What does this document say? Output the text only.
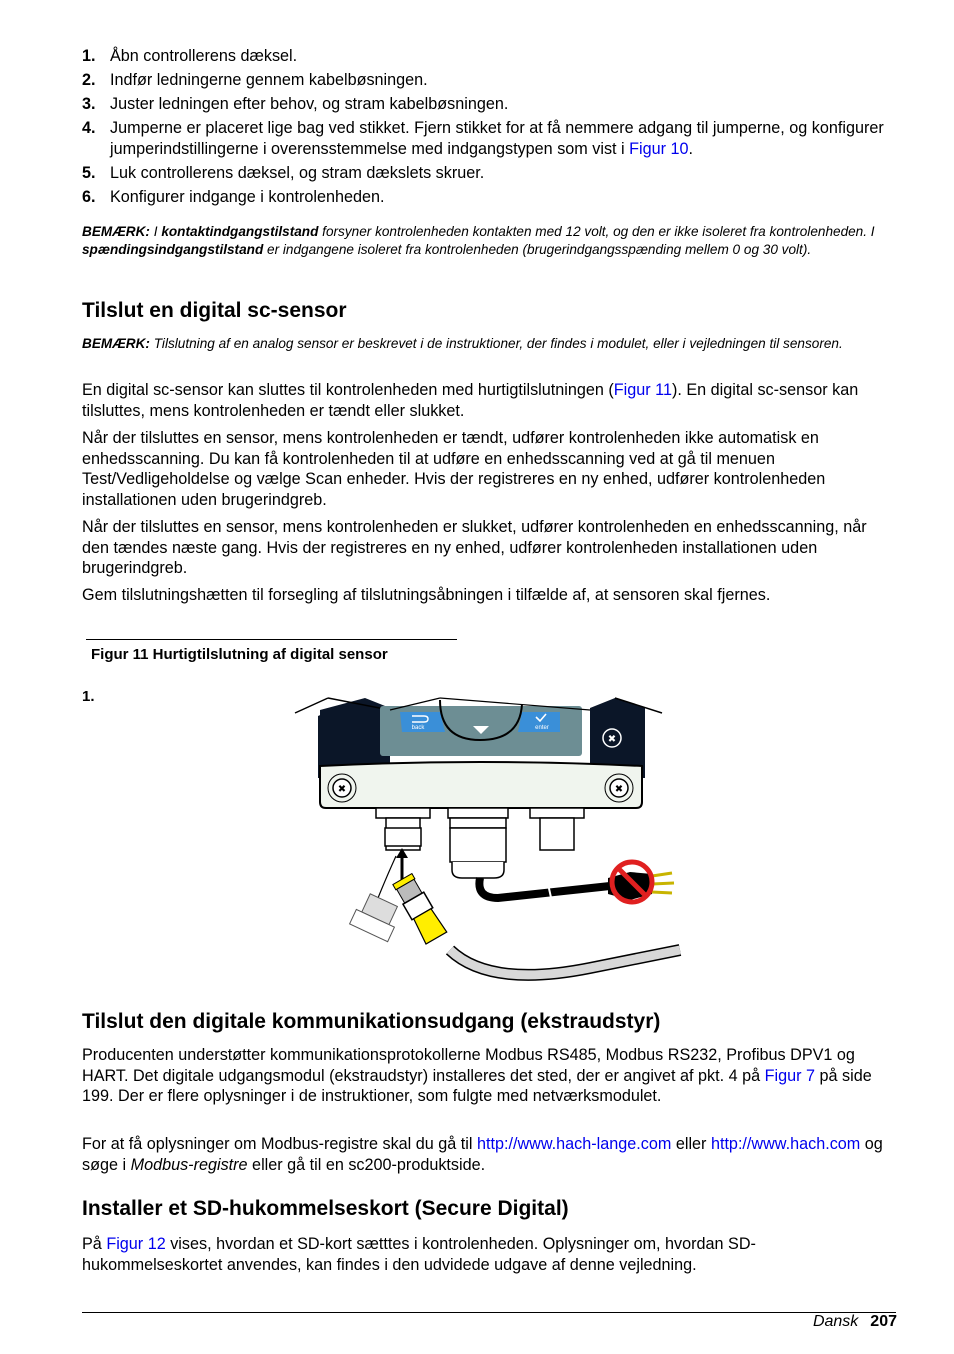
1. Åbn controllerens dæksel.
2. Indfør ledningerne gennem kabelbøsningen.
3. Juster ledningen efter behov, og stram kabelbøsningen.
4. Jumperne er placeret lige bag ved stikket. Fjern stikket for at få nemmere adgang til jumperne, og konfigurer jumperindstillingerne i overensstemmelse med indgangstypen som vist i Figur 10.
5. Luk controllerens dæksel, og stram dækslets skruer.
6. Konfigurer indgange i kontrolenheden.
BEMÆRK: I kontaktindgangstilstand forsyner kontrolenheden kontakten med 12 volt, og den er ikke isoleret fra kontrolenheden. I spændingsindgangstilstand er indgangene isoleret fra kontrolenheden (brugerindgangsspænding mellem 0 og 30 volt).
Tilslut en digital sc-sensor
BEMÆRK: Tilslutning af en analog sensor er beskrevet i de instruktioner, der findes i modulet, eller i vejledningen til sensoren.

En digital sc-sensor kan sluttes til kontrolenheden med hurtigtilslutningen (Figur 11). En digital sc-sensor kan tilsluttes, mens kontrolenheden er tændt eller slukket.

Når der tilsluttes en sensor, mens kontrolenheden er tændt, udfører kontrolenheden ikke automatisk en enhedsscanning. Du kan få kontrolenheden til at udføre en enhedsscanning ved at gå til menuen Test/Vedligeholdelse og vælge Scan enheder. Hvis der registreres en ny enhed, udfører kontrolenheden installationen uden brugerindgreb.

Når der tilsluttes en sensor, mens kontrolenheden er slukket, udfører kontrolenheden en enhedsscanning, når den tændes næste gang. Hvis der registreres en ny enhed, udfører kontrolenheden installationen uden brugerindgreb.

Gem tilslutningshætten til forsegling af tilslutningsåbningen i tilfælde af, at sensoren skal fjernes.

Figur 11 Hurtigtilslutning af digital sensor
1.
back	enter
✖
✖	✖
Tilslut den digitale kommunikationsudgang (ekstraudstyr)

Producenten understøtter kommunikationsprotokollerne Modbus RS485, Modbus RS232, Profibus DPV1 og HART. Det digitale udgangsmodul (ekstraudstyr) installeres det sted, der er angivet af pkt. 4 på Figur 7 på side 199. Der er flere oplysninger i de instruktioner, som fulgte med netværksmodulet.

For at få oplysninger om Modbus-registre skal du gå til http://www.hach-lange.com eller http://www.hach.com og søge i Modbus-registre eller gå til en sc200-produktside.

Installer et SD-hukommelseskort (Secure Digital)

På Figur 12 vises, hvordan et SD-kort sætttes i kontrolenheden. Oplysninger om, hvordan SD-hukommelseskortet anvendes, kan findes i den udvidede udgave af denne vejledning.

Dansk 207
